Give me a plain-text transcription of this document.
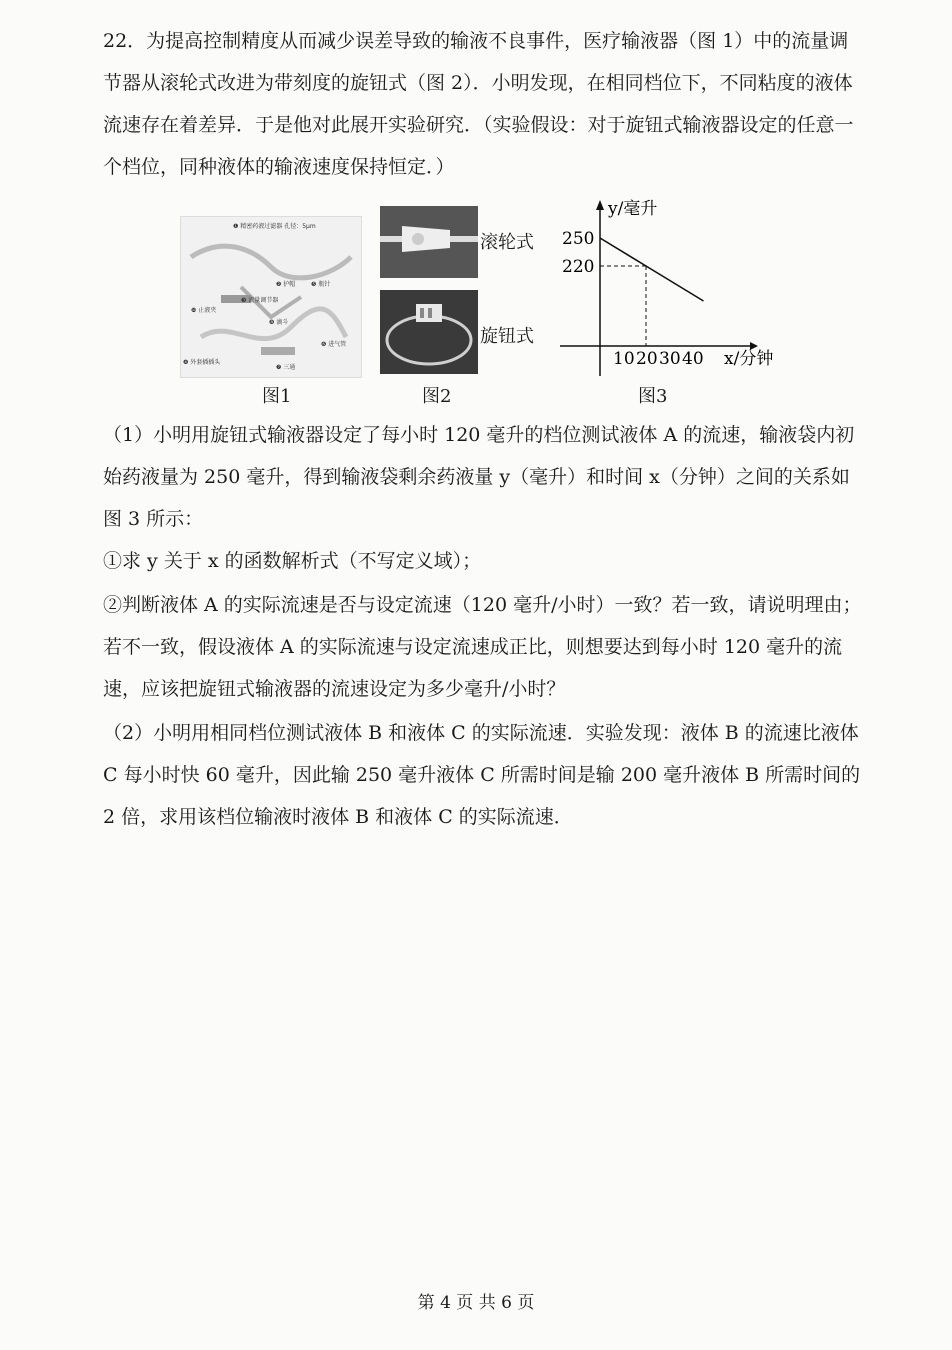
22．为提高控制精度从而减少误差导致的输液不良事件，医疗输液器（图 1）中的流量调节器从滚轮式改进为带刻度的旋钮式（图 2）．小明发现，在相同档位下，不同粘度的液体流速存在着差异．于是他对此展开实验研究．（实验假设：对于旋钮式输液器设定的任意一个档位，同种液体的输液速度保持恒定．）
❶ 精密药液过滤器 孔径：5μm
❷ 护帽
❸ 流量调节器
❹ 外套插插头
❺ 瓶针
❻ 进气管
❼ 三通
❽ 滴斗
❿ 止液夹
图1
滚轮式
旋钮式
图2
y/毫升
x/分钟
10 20 30 40
250
220
图3
（1）小明用旋钮式输液器设定了每小时 120 毫升的档位测试液体 A 的流速，输液袋内初始药液量为 250 毫升，得到输液袋剩余药液量 y（毫升）和时间 x（分钟）之间的关系如图 3 所示：
①求 y 关于 x 的函数解析式（不写定义域）；
②判断液体 A 的实际流速是否与设定流速（120 毫升/小时）一致？若一致，请说明理由；若不一致，假设液体 A 的实际流速与设定流速成正比，则想要达到每小时 120 毫升的流速，应该把旋钮式输液器的流速设定为多少毫升/小时？
（2）小明用相同档位测试液体 B 和液体 C 的实际流速．实验发现：液体 B 的流速比液体 C 每小时快 60 毫升，因此输 250 毫升液体 C 所需时间是输 200 毫升液体 B 所需时间的 2 倍，求用该档位输液时液体 B 和液体 C 的实际流速．
第 4 页 共 6 页
